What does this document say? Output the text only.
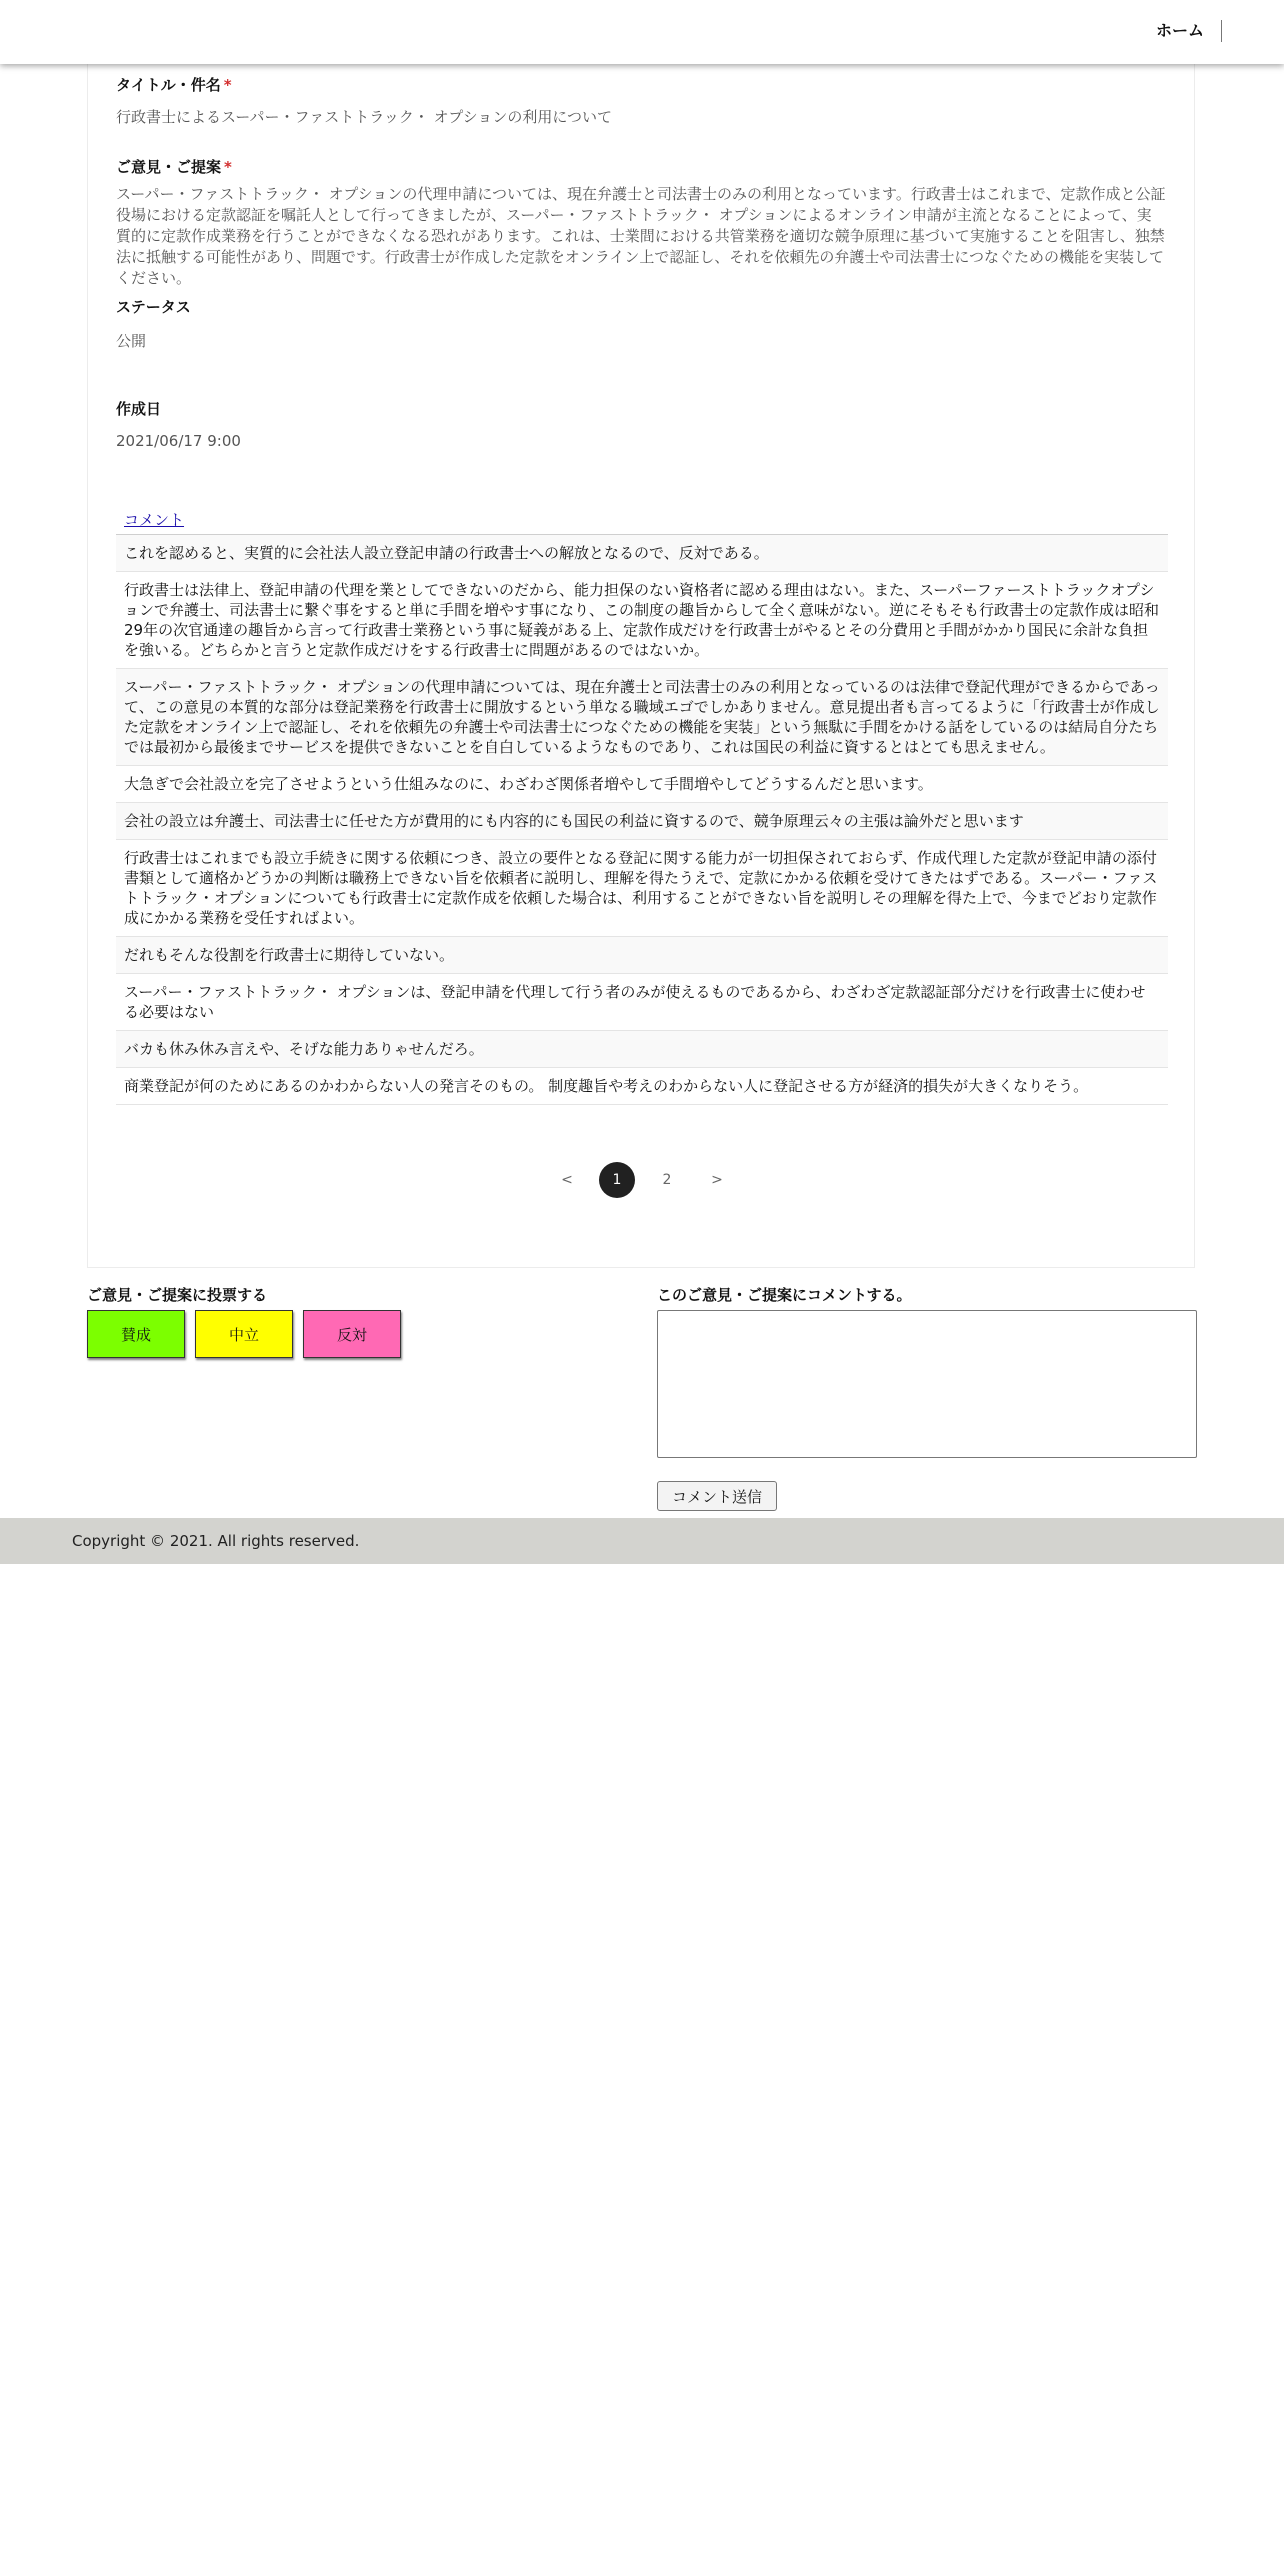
ホーム
タイトル・件名 *
行政書士によるスーパー・ファストトラック・ オプションの利用について
ご意見・ご提案 *
スーパー・ファストトラック・ オプションの代理申請については、現在弁護士と司法書士のみの利用となっています。行政書士はこれまで、定款作成と公証役場における定款認証を嘱託人として行ってきましたが、スーパー・ファストトラック・ オプションによるオンライン申請が主流となることによって、実質的に定款作成業務を行うことができなくなる恐れがあります。これは、士業間における共管業務を適切な競争原理に基づいて実施することを阻害し、独禁法に抵触する可能性があり、問題です。行政書士が作成した定款をオンライン上で認証し、それを依頼先の弁護士や司法書士につなぐための機能を実装してください。
ステータス
公開
作成日
2021/06/17 9:00
コメント
これを認めると、実質的に会社法人設立登記申請の行政書士への解放となるので、反対である。
行政書士は法律上、登記申請の代理を業としてできないのだから、能力担保のない資格者に認める理由はない。また、スーパーファーストトラックオプションで弁護士、司法書士に繋ぐ事をすると単に手間を増やす事になり、この制度の趣旨からして全く意味がない。逆にそもそも行政書士の定款作成は昭和29年の次官通達の趣旨から言って行政書士業務という事に疑義がある上、定款作成だけを行政書士がやるとその分費用と手間がかかり国民に余計な負担を強いる。どちらかと言うと定款作成だけをする行政書士に問題があるのではないか。
スーパー・ファストトラック・ オプションの代理申請については、現在弁護士と司法書士のみの利用となっているのは法律で登記代理ができるからであって、この意見の本質的な部分は登記業務を行政書士に開放するという単なる職域エゴでしかありません。意見提出者も言ってるように「行政書士が作成した定款をオンライン上で認証し、それを依頼先の弁護士や司法書士につなぐための機能を実装」という無駄に手間をかける話をしているのは結局自分たちでは最初から最後までサービスを提供できないことを自白しているようなものであり、これは国民の利益に資するとはとても思えません。
大急ぎで会社設立を完了させようという仕組みなのに、わざわざ関係者増やして手間増やしてどうするんだと思います。
会社の設立は弁護士、司法書士に任せた方が費用的にも内容的にも国民の利益に資するので、競争原理云々の主張は論外だと思います
行政書士はこれまでも設立手続きに関する依頼につき、設立の要件となる登記に関する能力が一切担保されておらず、作成代理した定款が登記申請の添付書類として適格かどうかの判断は職務上できない旨を依頼者に説明し、理解を得たうえで、定款にかかる依頼を受けてきたはずである。スーパー・ファストトラック・オプションについても行政書士に定款作成を依頼した場合は、利用することができない旨を説明しその理解を得た上で、今までどおり定款作成にかかる業務を受任すればよい。
だれもそんな役割を行政書士に期待していない。
スーパー・ファストトラック・ オプションは、登記申請を代理して行う者のみが使えるものであるから、わざわざ定款認証部分だけを行政書士に使わせる必要はない
バカも休み休み言えや、そげな能力ありゃせんだろ。
商業登記が何のためにあるのかわからない人の発言そのもの。 制度趣旨や考えのわからない人に登記させる方が経済的損失が大きくなりそう。
<	1	2	>
ご意見・ご提案に投票する
賛成	中立	反対
このご意見・ご提案にコメントする。
コメント送信
Copyright © 2021. All rights reserved.
